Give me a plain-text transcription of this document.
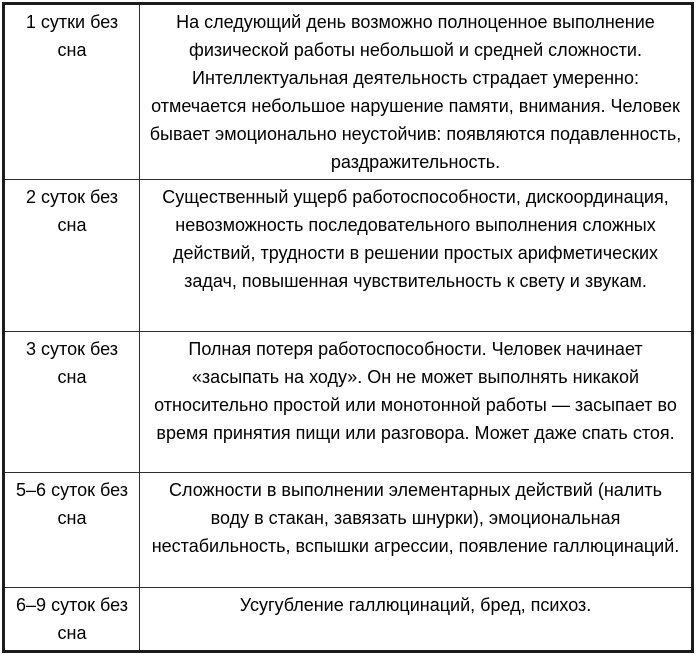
1 сутки без сна	На следующий день возможно полноценное выполнение физической работы небольшой и средней сложности. Интеллектуальная деятельность страдает умеренно: отмечается небольшое нарушение памяти, внимания. Человек бывает эмоционально неустойчив: появляются подавленность, раздражительность.
2 суток без сна	Существенный ущерб работоспособности, дискоординация, невозможность последовательного выполнения сложных действий, трудности в решении простых арифметических задач, повышенная чувствительность к свету и звукам.
3 суток без сна	Полная потеря работоспособности. Человек начинает «засыпать на ходу». Он не может выполнять никакой относительно простой или монотонной работы — засыпает во время принятия пищи или разговора. Может даже спать стоя.
5–6 суток без сна	Сложности в выполнении элементарных действий (налить воду в стакан, завязать шнурки), эмоциональная нестабильность, вспышки агрессии, появление галлюцинаций.
6–9 суток без сна	Усугубление галлюцинаций, бред, психоз.
